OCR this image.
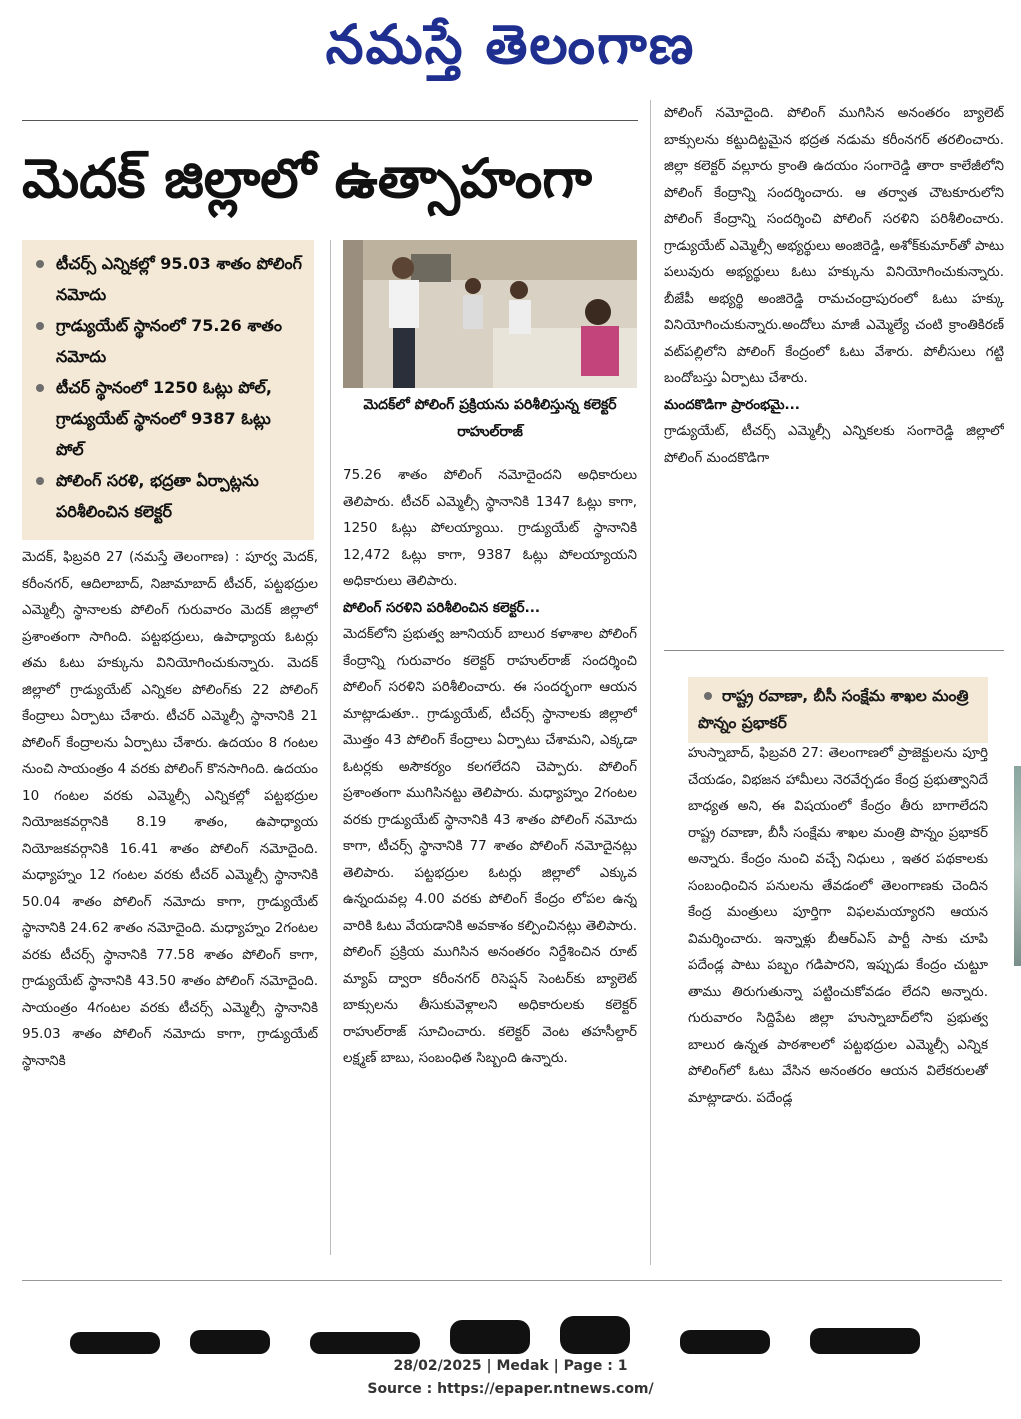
నమస్తే తెలంగాణ
మెదక్ జిల్లాలో ఉత్సాహంగా
టీచర్స్ ఎన్నికల్లో 95.03 శాతం పోలింగ్ నమోదు
గ్రాడ్యుయేట్ స్థానంలో 75.26 శాతం నమోదు
టీచర్ స్థానంలో 1250 ఓట్లు పోల్, గ్రాడ్యుయేట్ స్థానంలో 9387 ఓట్లు పోల్
పోలింగ్ సరళి, భద్రతా ఏర్పాట్లను పరిశీలించిన కలెక్టర్
మెదక్‌లో పోలింగ్ ప్రక్రియను పరిశీలిస్తున్న కలెక్టర్ రాహుల్‌రాజ్

మెదక్, ఫిబ్రవరి 27 (నమస్తే తెలంగాణ) : పూర్వ మెదక్, కరీంనగర్, ఆదిలాబాద్, నిజామాబాద్ టీచర్, పట్టభద్రుల ఎమ్మెల్సీ స్థానాలకు పోలింగ్ గురువారం మెదక్ జిల్లాలో ప్రశాంతంగా సాగింది. పట్టభద్రులు, ఉపాధ్యాయ ఓటర్లు తమ ఓటు హక్కును వినియోగించుకున్నారు. మెదక్ జిల్లాలో గ్రాడ్యుయేట్ ఎన్నికల పోలింగ్‌కు 22 పోలింగ్ కేంద్రాలు ఏర్పాటు చేశారు. టీచర్ ఎమ్మెల్సీ స్థానానికి 21 పోలింగ్ కేంద్రాలను ఏర్పాటు చేశారు. ఉదయం 8 గంటల నుంచి సాయంత్రం 4 వరకు పోలింగ్ కొనసాగింది. ఉదయం 10 గంటల వరకు ఎమ్మెల్సీ ఎన్నికల్లో పట్టభద్రుల నియోజకవర్గానికి 8.19 శాతం, ఉపాధ్యాయ నియోజకవర్గానికి 16.41 శాతం పోలింగ్ నమోదైంది. మధ్యాహ్నం 12 గంటల వరకు టీచర్ ఎమ్మెల్సీ స్థానానికి 50.04 శాతం పోలింగ్ నమోదు కాగా, గ్రాడ్యుయేట్ స్థానానికి 24.62 శాతం నమోదైంది. మధ్యాహ్నం 2గంటల వరకు టీచర్స్ స్థానానికి 77.58 శాతం పోలింగ్ కాగా, గ్రాడ్యుయేట్ స్థానానికి 43.50 శాతం పోలింగ్ నమోదైంది. సాయంత్రం 4గంటల వరకు టీచర్స్ ఎమ్మెల్సీ స్థానానికి 95.03 శాతం పోలింగ్ నమోదు కాగా, గ్రాడ్యుయేట్ స్థానానికి

75.26 శాతం పోలింగ్ నమోదైందని అధికారులు తెలిపారు. టీచర్ ఎమ్మెల్సీ స్థానానికి 1347 ఓట్లు కాగా, 1250 ఓట్లు పోలయ్యాయి. గ్రాడ్యుయేట్ స్థానానికి 12,472 ఓట్లు కాగా, 9387 ఓట్లు పోలయ్యాయని అధికారులు తెలిపారు.

పోలింగ్ సరళిని పరిశీలించిన కలెక్టర్...

మెదక్‌లోని ప్రభుత్వ జూనియర్ బాలుర కళాశాల పోలింగ్ కేంద్రాన్ని గురువారం కలెక్టర్ రాహుల్‌రాజ్ సందర్శించి పోలింగ్ సరళిని పరిశీలించారు. ఈ సందర్భంగా ఆయన మాట్లాడుతూ.. గ్రాడ్యుయేట్, టీచర్స్ స్థానాలకు జిల్లాలో మొత్తం 43 పోలింగ్ కేంద్రాలు ఏర్పాటు చేశామని, ఎక్కడా ఓటర్లకు అసౌకర్యం కలగలేదని చెప్పారు. పోలింగ్ ప్రశాంతంగా ముగిసినట్టు తెలిపారు. మధ్యాహ్నం 2గంటల వరకు గ్రాడ్యుయేట్ స్థానానికి 43 శాతం పోలింగ్ నమోదు కాగా, టీచర్స్ స్థానానికి 77 శాతం పోలింగ్ నమోదైనట్లు తెలిపారు. పట్టభద్రుల ఓటర్లు జిల్లాలో ఎక్కువ ఉన్నందువల్ల 4.00 వరకు పోలింగ్ కేంద్రం లోపల ఉన్న వారికి ఓటు వేయడానికి అవకాశం కల్పించినట్లు తెలిపారు. పోలింగ్ ప్రక్రియ ముగిసిన అనంతరం నిర్దేశించిన రూట్ మ్యాప్ ద్వారా కరీంనగర్ రిసెప్షన్ సెంటర్‌కు బ్యాలెట్ బాక్సులను తీసుకువెళ్లాలని అధికారులకు కలెక్టర్ రాహుల్‌రాజ్ సూచించారు. కలెక్టర్ వెంట తహసీల్దార్ లక్ష్మణ్ బాబు, సంబంధిత సిబ్బంది ఉన్నారు.

పోలింగ్ నమోదైంది. పోలింగ్ ముగిసిన అనంతరం బ్యాలెట్ బాక్సులను కట్టుదిట్టమైన భద్రత నడుమ కరీంనగర్ తరలించారు. జిల్లా కలెక్టర్ వల్లూరు క్రాంతి ఉదయం సంగారెడ్డి తారా కాలేజీలోని పోలింగ్ కేంద్రాన్ని సందర్శించారు. ఆ తర్వాత చౌటకూరులోని పోలింగ్ కేంద్రాన్ని సందర్శించి పోలింగ్ సరళిని పరిశీలించారు. గ్రాడ్యుయేట్ ఎమ్మెల్సీ అభ్యర్థులు అంజిరెడ్డి, అశోక్‌కుమార్‌తో పాటు పలువురు అభ్యర్థులు ఓటు హక్కును వినియోగించుకున్నారు. బీజేపీ అభ్యర్థి అంజిరెడ్డి రామచంద్రాపురంలో ఓటు హక్కు వినియోగించుకున్నారు.అందోలు మాజీ ఎమ్మెల్యే చంటి క్రాంతికిరణ్ వట్‌పల్లిలోని పోలింగ్ కేంద్రంలో ఓటు వేశారు. పోలీసులు గట్టి బందోబస్తు ఏర్పాటు చేశారు.

మందకొడిగా ప్రారంభమై...

గ్రాడ్యుయేట్, టీచర్స్ ఎమ్మెల్సీ ఎన్నికలకు సంగారెడ్డి జిల్లాలో పోలింగ్ మందకొడిగా

రాష్ట్ర రవాణా, బీసీ సంక్షేమ శాఖల మంత్రి పొన్నం ప్రభాకర్

హుస్నాబాద్, ఫిబ్రవరి 27: తెలంగాణలో ప్రాజెక్టులను పూర్తి చేయడం, విభజన హామీలు నెరవేర్చడం కేంద్ర ప్రభుత్వానిదే బాధ్యత అని, ఈ విషయంలో కేంద్రం తీరు బాగాలేదని రాష్ట్ర రవాణా, బీసీ సంక్షేమ శాఖల మంత్రి పొన్నం ప్రభాకర్ అన్నారు. కేంద్రం నుంచి వచ్చే నిధులు , ఇతర పథకాలకు సంబంధించిన పనులను తేవడంలో తెలంగాణకు చెందిన కేంద్ర మంత్రులు పూర్తిగా విఫలమయ్యారని ఆయన విమర్శించారు. ఇన్నాళ్లు బీఆర్‌ఎస్ పార్టీ సాకు చూపి పదేండ్ల పాటు పబ్బం గడిపారని, ఇప్పుడు కేంద్రం చుట్టూ తాము తిరుగుతున్నా పట్టించుకోవడం లేదని అన్నారు. గురువారం సిద్దిపేట జిల్లా హుస్నాబాద్‌లోని ప్రభుత్వ బాలుర ఉన్నత పాఠశాలలో పట్టభద్రుల ఎమ్మెల్సీ ఎన్నిక పోలింగ్‌లో ఓటు వేసిన అనంతరం ఆయన విలేకరులతో మాట్లాడారు. పదేండ్ల

28/02/2025 | Medak | Page : 1
Source : https://epaper.ntnews.com/
